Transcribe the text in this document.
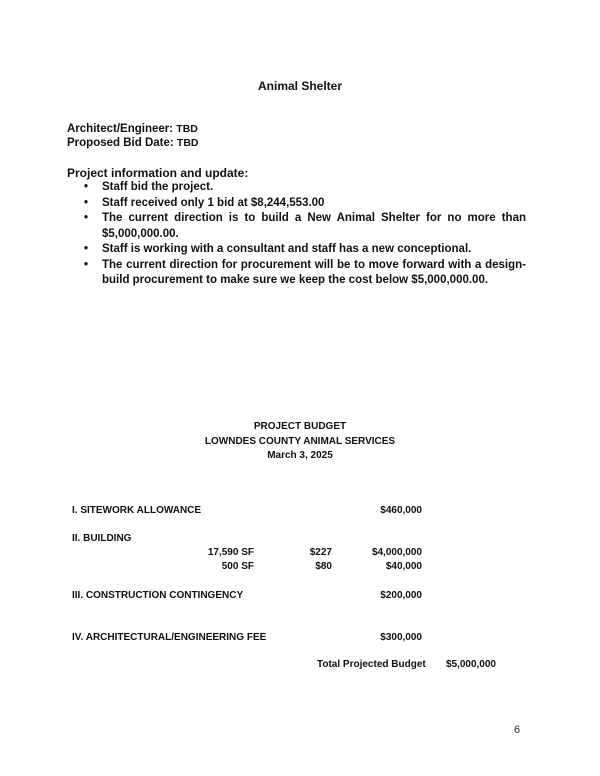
Animal Shelter
Architect/Engineer: TBD
Proposed Bid Date: TBD
Project information and update:
• Staff bid the project.
• Staff received only 1 bid at $8,244,553.00
• The current direction is to build a New Animal Shelter for no more than $5,000,000.00.
• Staff is working with a consultant and staff has a new conceptional.
• The current direction for procurement will be to move forward with a design-build procurement to make sure we keep the cost below $5,000,000.00.
PROJECT BUDGET
LOWNDES COUNTY ANIMAL SERVICES
March 3, 2025
I. SITEWORK ALLOWANCE	$460,000
II. BUILDING
17,590 SF	$227	$4,000,000
500 SF	$80	$40,000
III. CONSTRUCTION CONTINGENCY	$200,000
IV. ARCHITECTURAL/ENGINEERING FEE	$300,000
Total Projected Budget	$5,000,000
6
